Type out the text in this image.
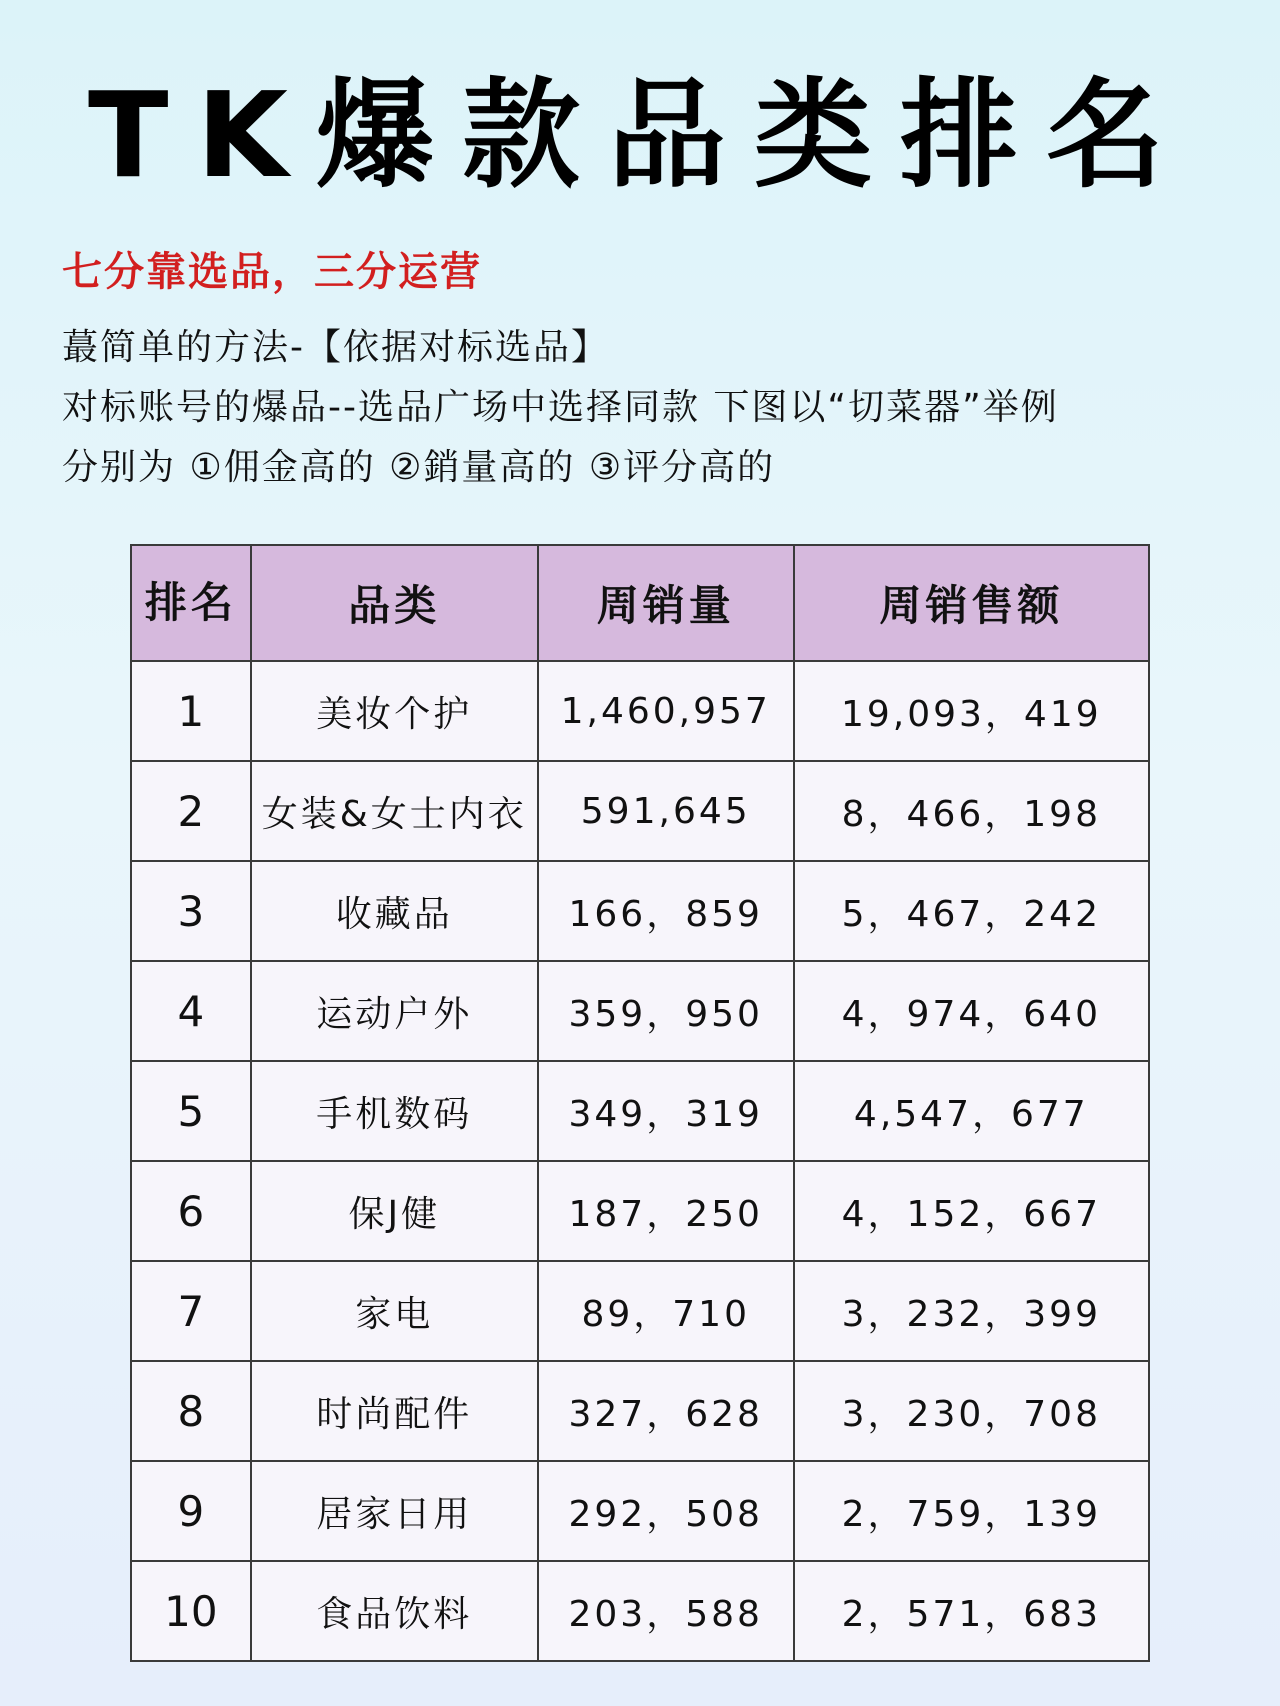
TK爆款品类排名
七分靠选品，三分运营
蕞简单的方法-【依据对标选品】
对标账号的爆品--选品广场中选择同款 下图以“切菜器”举例
分别为 ①佣金高的 ②銷量高的 ③评分高的
排名	品类	周销量	周销售额
1	美妆个护	1,460,957	19,093，419
2	女装&女士内衣	591,645	8，466，198
3	收藏品	166，859	5，467，242
4	运动户外	359，950	4，974，640
5	手机数码	349，319	4,547，677
6	保J健	187，250	4，152，667
7	家电	89，710	3，232，399
8	时尚配件	327，628	3，230，708
9	居家日用	292，508	2，759，139
10	食品饮料	203，588	2，571，683
